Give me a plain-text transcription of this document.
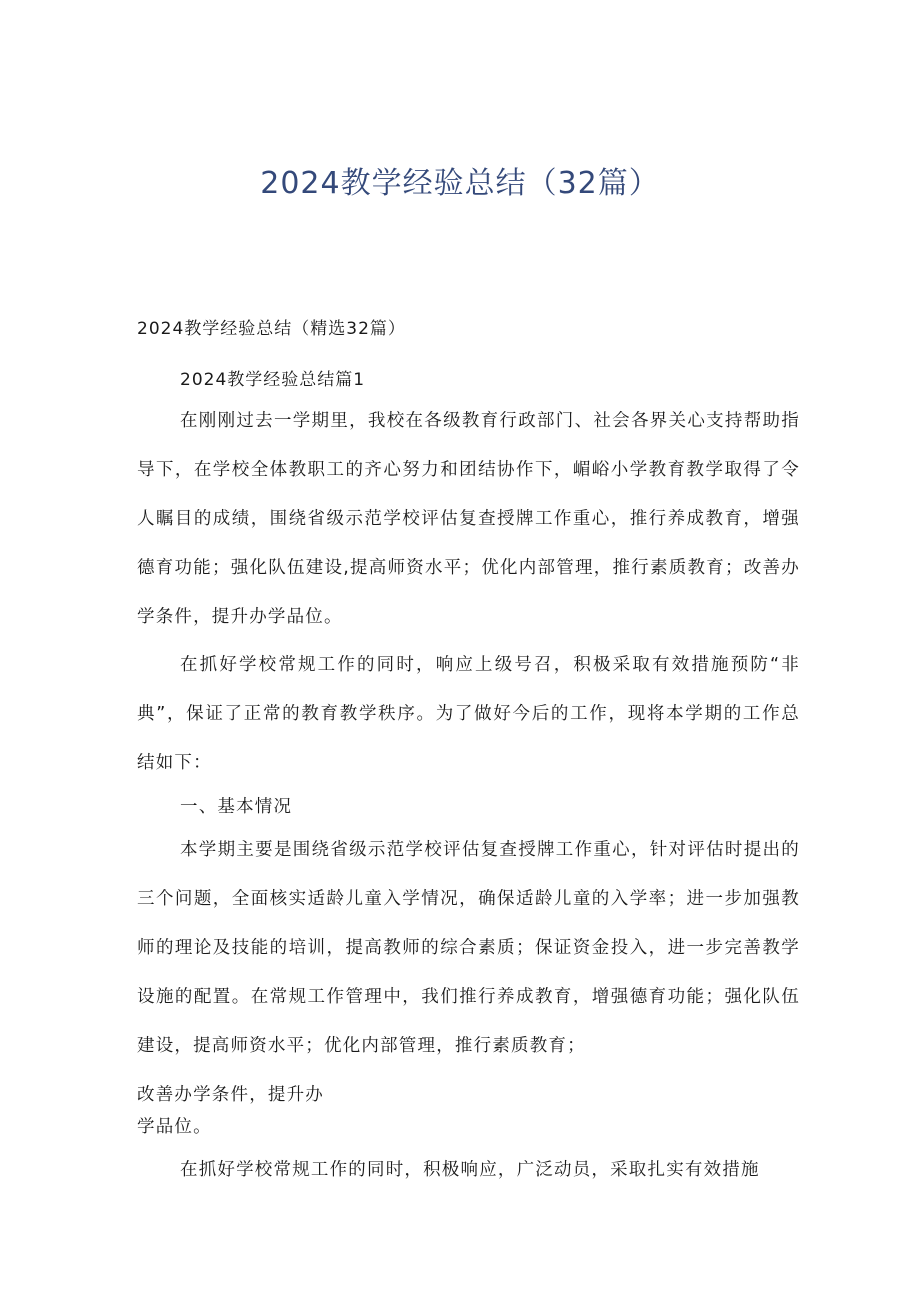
2024教学经验总结（32篇）

2024教学经验总结（精选32篇）

2024教学经验总结篇1

在刚刚过去一学期里，我校在各级教育行政部门、社会各界关心支持帮助指导下，在学校全体教职工的齐心努力和团结协作下，嵋峪小学教育教学取得了令人瞩目的成绩，围绕省级示范学校评估复查授牌工作重心，推行养成教育，增强德育功能；强化队伍建设,提高师资水平；优化内部管理，推行素质教育；改善办学条件，提升办学品位。

在抓好学校常规工作的同时，响应上级号召，积极采取有效措施预防“非典”，保证了正常的教育教学秩序。为了做好今后的工作，现将本学期的工作总结如下：

一、基本情况

本学期主要是围绕省级示范学校评估复查授牌工作重心，针对评估时提出的三个问题，全面核实适龄儿童入学情况，确保适龄儿童的入学率；进一步加强教师的理论及技能的培训，提高教师的综合素质；保证资金投入，进一步完善教学设施的配置。在常规工作管理中，我们推行养成教育，增强德育功能；强化队伍建设，提高师资水平；优化内部管理，推行素质教育；

改善办学条件，提升办

学品位。

在抓好学校常规工作的同时，积极响应，广泛动员，采取扎实有效措施
